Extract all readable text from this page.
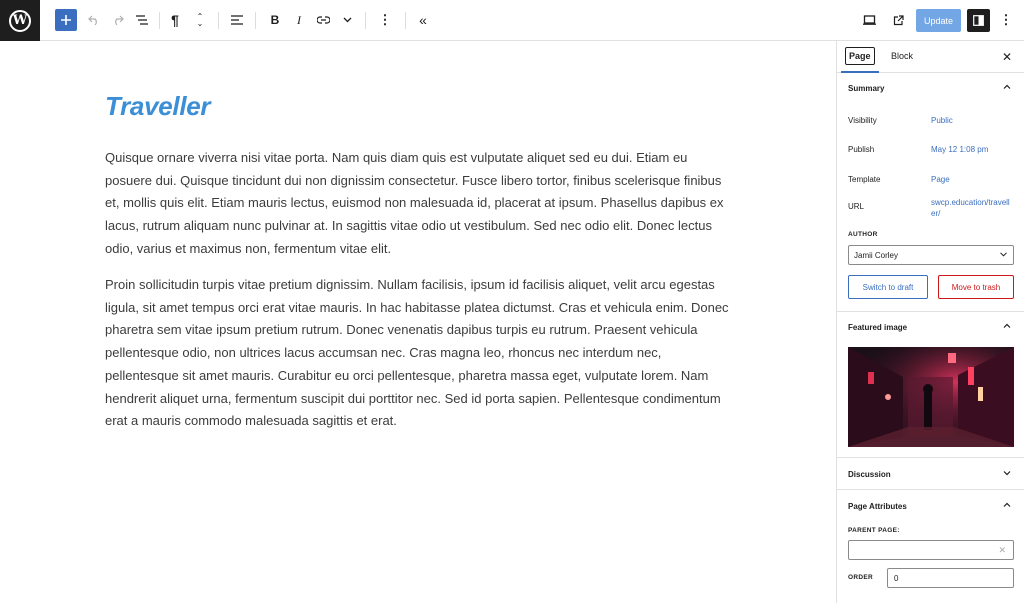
W	¶ ⌃
⌄	B I	⋮ «	Update	⋮
Traveller
Quisque ornare viverra nisi vitae porta. Nam quis diam quis est vulputate aliquet sed eu dui. Etiam eu posuere dui. Quisque tincidunt dui non dignissim consectetur. Fusce libero tortor, finibus scelerisque finibus et, mollis quis elit. Etiam mauris lectus, euismod non malesuada id, placerat at ipsum. Phasellus dapibus ex lacus, rutrum aliquam nunc pulvinar at. In sagittis vitae odio ut vestibulum. Sed nec odio elit. Donec lectus odio, varius et maximus non, fermentum vitae elit.
Proin sollicitudin turpis vitae pretium dignissim. Nullam facilisis, ipsum id facilisis aliquet, velit arcu egestas ligula, sit amet tempus orci erat vitae mauris. In hac habitasse platea dictumst. Cras et vehicula enim. Donec pharetra sem vitae ipsum pretium rutrum. Donec venenatis dapibus turpis eu rutrum. Praesent vehicula pellentesque odio, non ultrices lacus accumsan nec. Cras magna leo, rhoncus nec interdum nec, pellentesque sit amet mauris. Curabitur eu orci pellentesque, pharetra massa eget, vulputate lorem. Nam hendrerit aliquet urna, fermentum suscipit dui porttitor nec. Sed id porta sapien. Pellentesque condimentum erat a mauris commodo malesuada sagittis et erat.
Page	Block	✕
Summary
Visibility	Public
Publish	May 12 1:08 pm
Template	Page
URL	swcp.education/traveller/
AUTHOR
Jamii Corley
Switch to draft	Move to trash
Featured image
Discussion
Page Attributes
PARENT PAGE:
✕
ORDER	0
